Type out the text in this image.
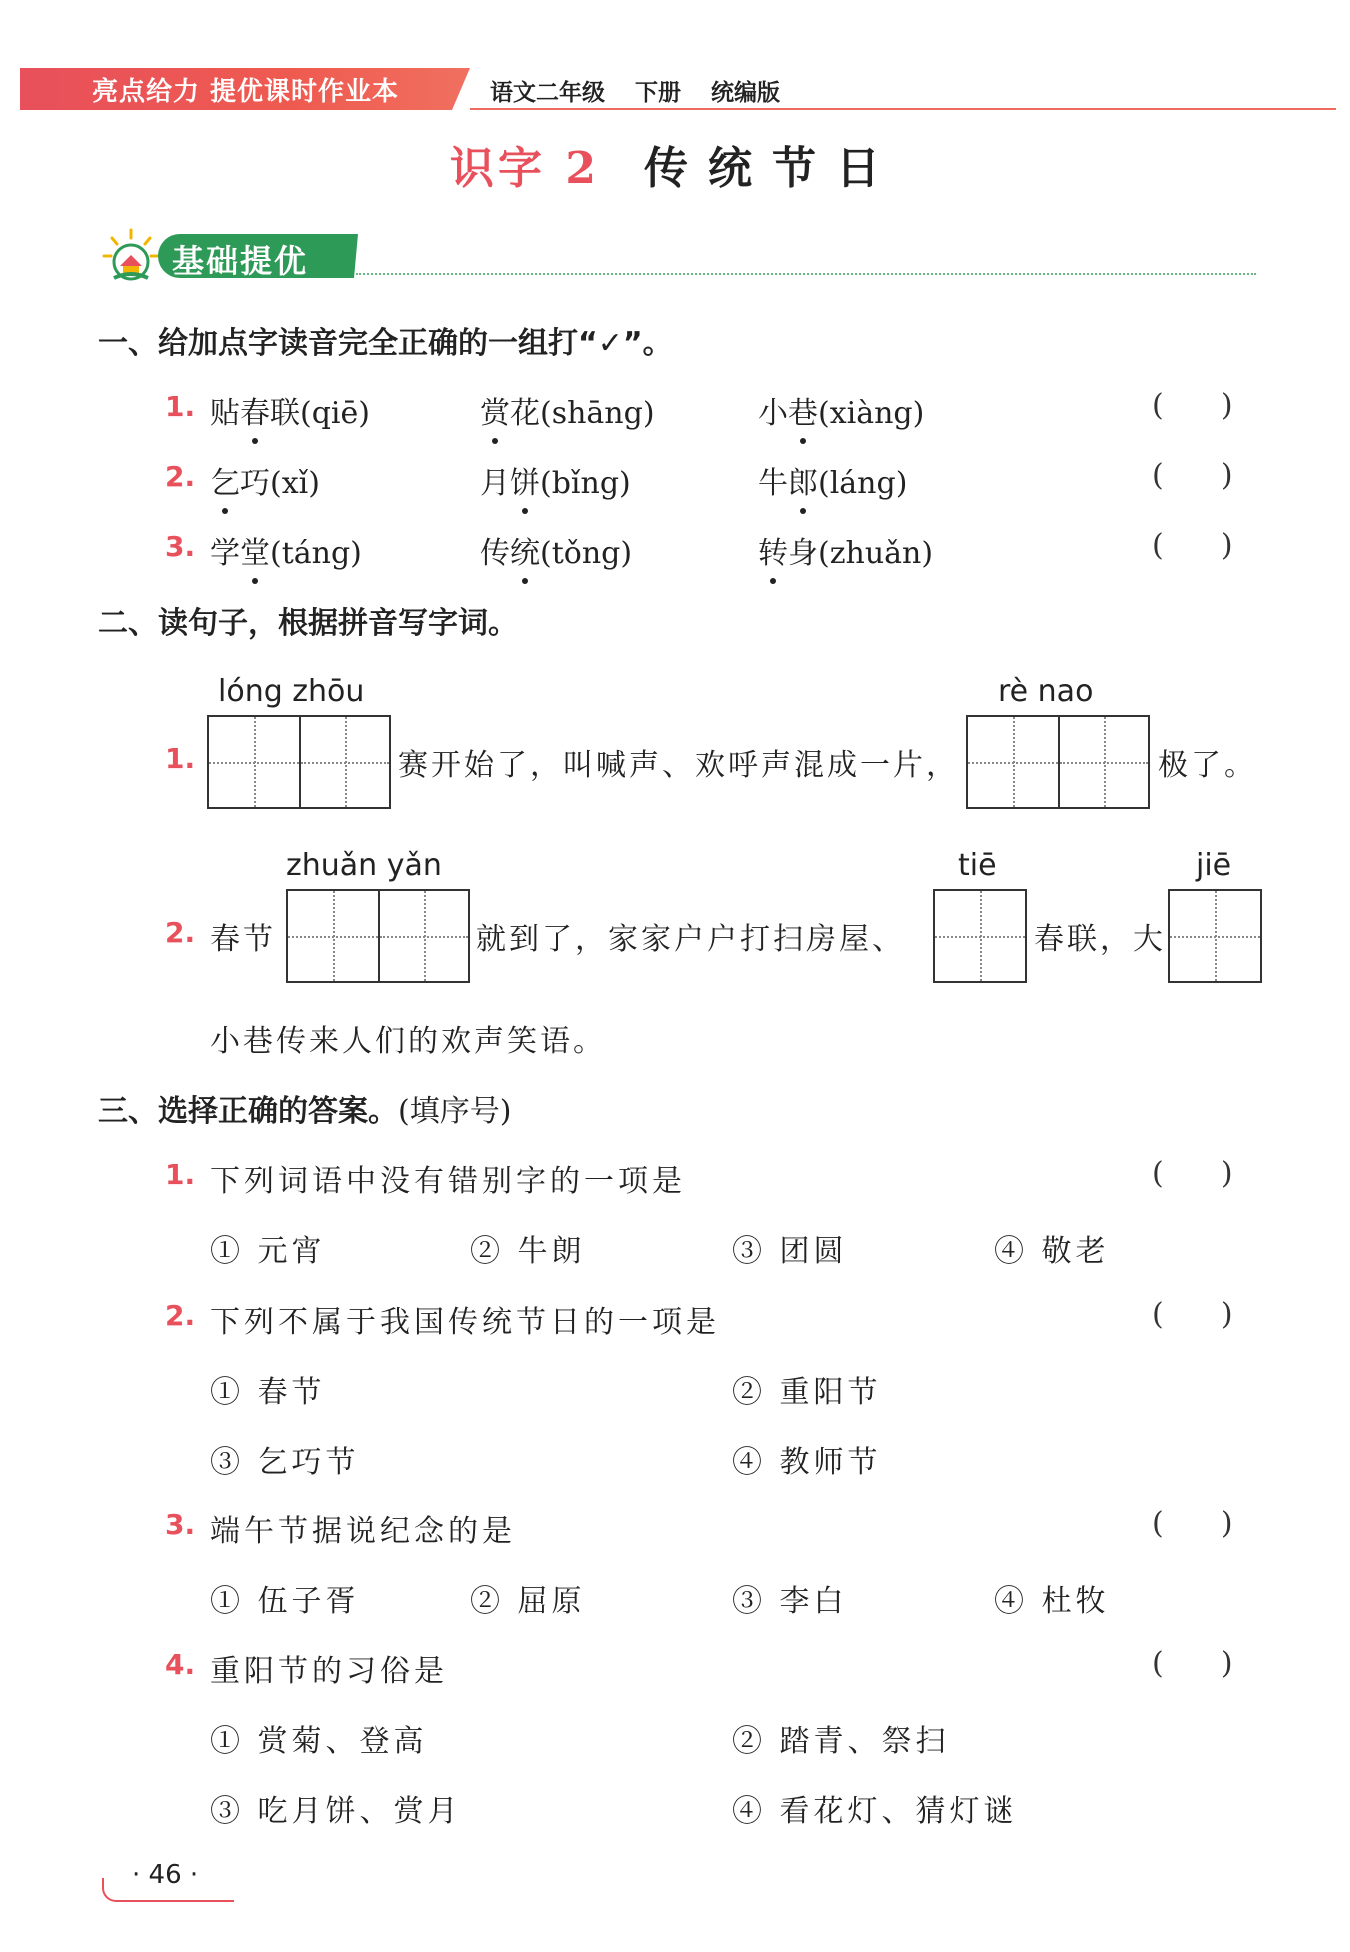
亮点给力 提优课时作业本	语文二年级 下册 统编版
识字 2 传统节日
基础提优
一、给加点字读音完全正确的一组打“✓”。
1. 贴春联(qiē)	赏花(shāng)	小巷(xiàng)	(      )
2. 乞巧(xǐ)	月饼(bǐng)	牛郎(láng)	(      )
3. 学堂(táng)	传统(tǒng)	转身(zhuǎn)	(      )
二、读句子，根据拼音写字词。
1.
lóng zhōu
赛开始了，叫喊声、欢呼声混成一片，
rè nao
极了。
2. 春节
zhuǎn yǎn
就到了，家家户户打扫房屋、
tiē
春联，大
jiē
小巷传来人们的欢声笑语。
三、选择正确的答案。(填序号)
1. 下列词语中没有错别字的一项是	(      )
① 元宵	② 牛朗	③ 团圆	④ 敬老
2. 下列不属于我国传统节日的一项是	(      )
① 春节	② 重阳节
③ 乞巧节	④ 教师节
3. 端午节据说纪念的是	(      )
① 伍子胥	② 屈原	③ 李白	④ 杜牧
4. 重阳节的习俗是	(      )
① 赏菊、登高	② 踏青、祭扫
③ 吃月饼、赏月	④ 看花灯、猜灯谜
· 46 ·
